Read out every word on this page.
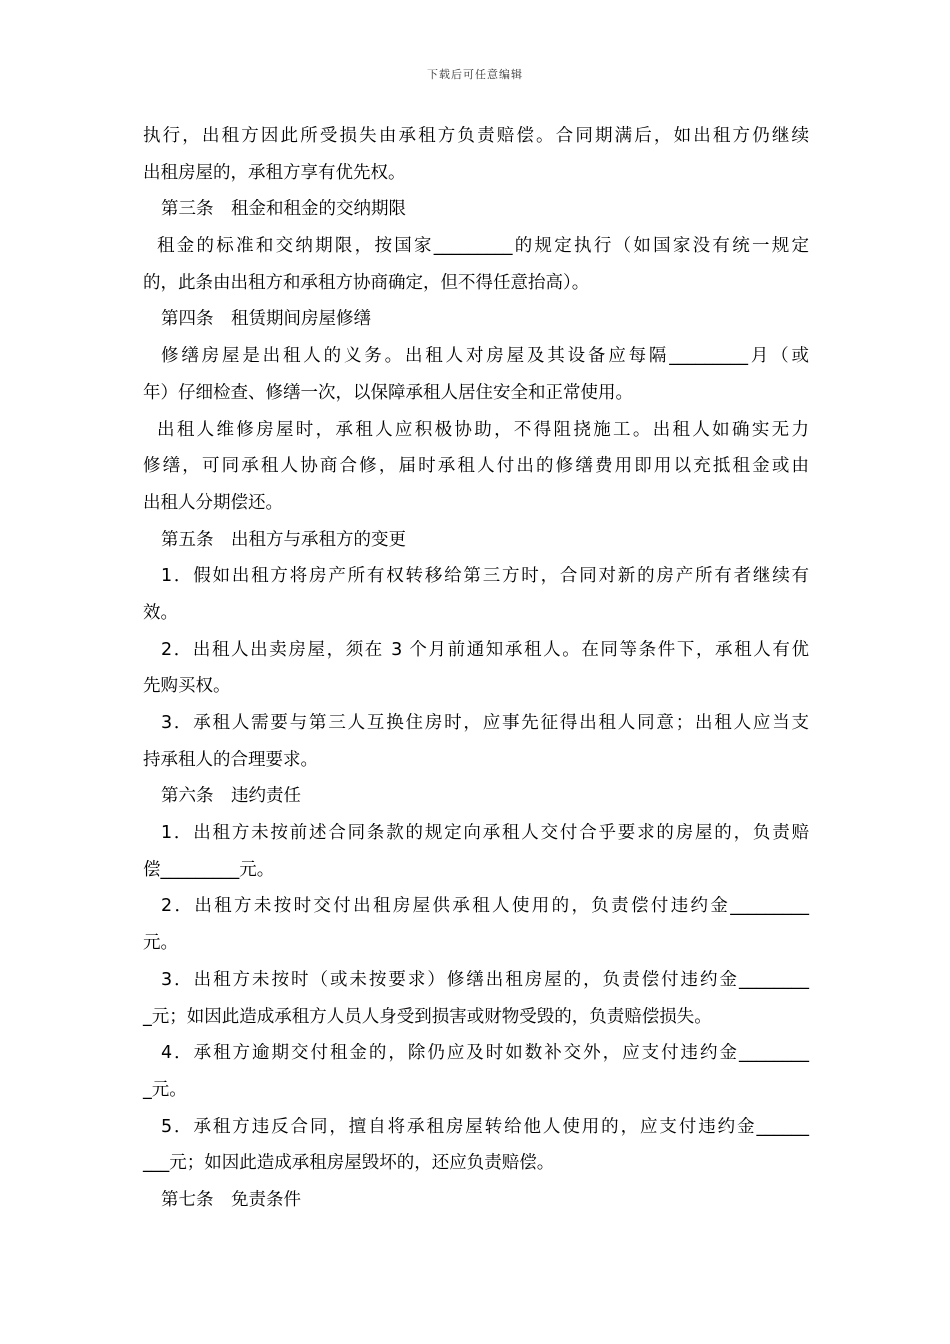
下载后可任意编辑
执行，出租方因此所受损失由承租方负责赔偿。合同期满后，如出租方仍继续
出租房屋的，承租方享有优先权。
第三条　租金和租金的交纳期限
租金的标准和交纳期限，按国家_________的规定执行（如国家没有统一规定
的，此条由出租方和承租方协商确定，但不得任意抬高）。
第四条　租赁期间房屋修缮
修缮房屋是出租人的义务。出租人对房屋及其设备应每隔_________月（或
年）仔细检查、修缮一次，以保障承租人居住安全和正常使用。
出租人维修房屋时，承租人应积极协助，不得阻挠施工。出租人如确实无力
修缮，可同承租人协商合修，届时承租人付出的修缮费用即用以充抵租金或由
出租人分期偿还。
第五条　出租方与承租方的变更
1．假如出租方将房产所有权转移给第三方时，合同对新的房产所有者继续有
效。
2．出租人出卖房屋，须在 3 个月前通知承租人。在同等条件下，承租人有优
先购买权。
3．承租人需要与第三人互换住房时，应事先征得出租人同意；出租人应当支
持承租人的合理要求。
第六条　违约责任
1．出租方未按前述合同条款的规定向承租人交付合乎要求的房屋的，负责赔
偿_________元。
2．出租方未按时交付出租房屋供承租人使用的，负责偿付违约金_________
元。
3．出租方未按时（或未按要求）修缮出租房屋的，负责偿付违约金________
_元；如因此造成承租方人员人身受到损害或财物受毁的，负责赔偿损失。
4．承租方逾期交付租金的，除仍应及时如数补交外，应支付违约金________
_元。
5．承租方违反合同，擅自将承租房屋转给他人使用的，应支付违约金______
___元；如因此造成承租房屋毁坏的，还应负责赔偿。
第七条　免责条件
